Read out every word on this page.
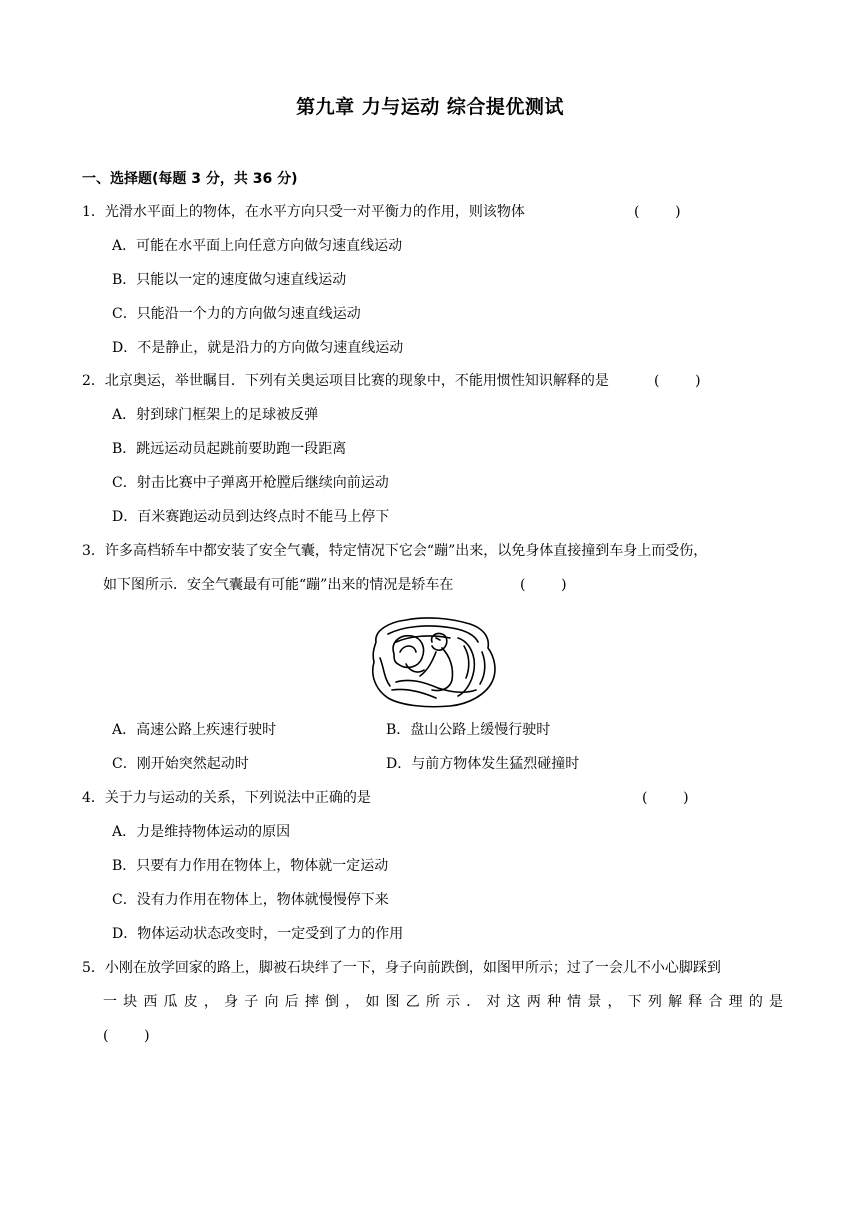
第九章 力与运动 综合提优测试
一、选择题(每题 3 分，共 36 分)
1．光滑水平面上的物体，在水平方向只受一对平衡力的作用，则该物体	(        )
A．可能在水平面上向任意方向做匀速直线运动
B．只能以一定的速度做匀速直线运动
C．只能沿一个力的方向做匀速直线运动
D．不是静止，就是沿力的方向做匀速直线运动
2．北京奥运，举世瞩目．下列有关奥运项目比赛的现象中，不能用惯性知识解释的是	(        )
A．射到球门框架上的足球被反弹
B．跳远运动员起跳前要助跑一段距离
C．射击比赛中子弹离开枪膛后继续向前运动
D．百米赛跑运动员到达终点时不能马上停下
3．许多高档轿车中都安装了安全气囊，特定情况下它会“蹦”出来，以免身体直接撞到车身上而受伤，
如下图所示．安全气囊最有可能“蹦”出来的情况是轿车在	(        )
A．高速公路上疾速行驶时	B．盘山公路上缓慢行驶时
C．刚开始突然起动时	D．与前方物体发生猛烈碰撞时
4．关于力与运动的关系，下列说法中正确的是	(        )
A．力是维持物体运动的原因
B．只要有力作用在物体上，物体就一定运动
C．没有力作用在物体上，物体就慢慢停下来
D．物体运动状态改变时，一定受到了力的作用
5．小刚在放学回家的路上，脚被石块绊了一下，身子向前跌倒，如图甲所示；过了一会儿不小心脚踩到
一块西瓜皮，身子向后摔倒，如图乙所示．对这两种情景，下列解释合理的是
(        )
